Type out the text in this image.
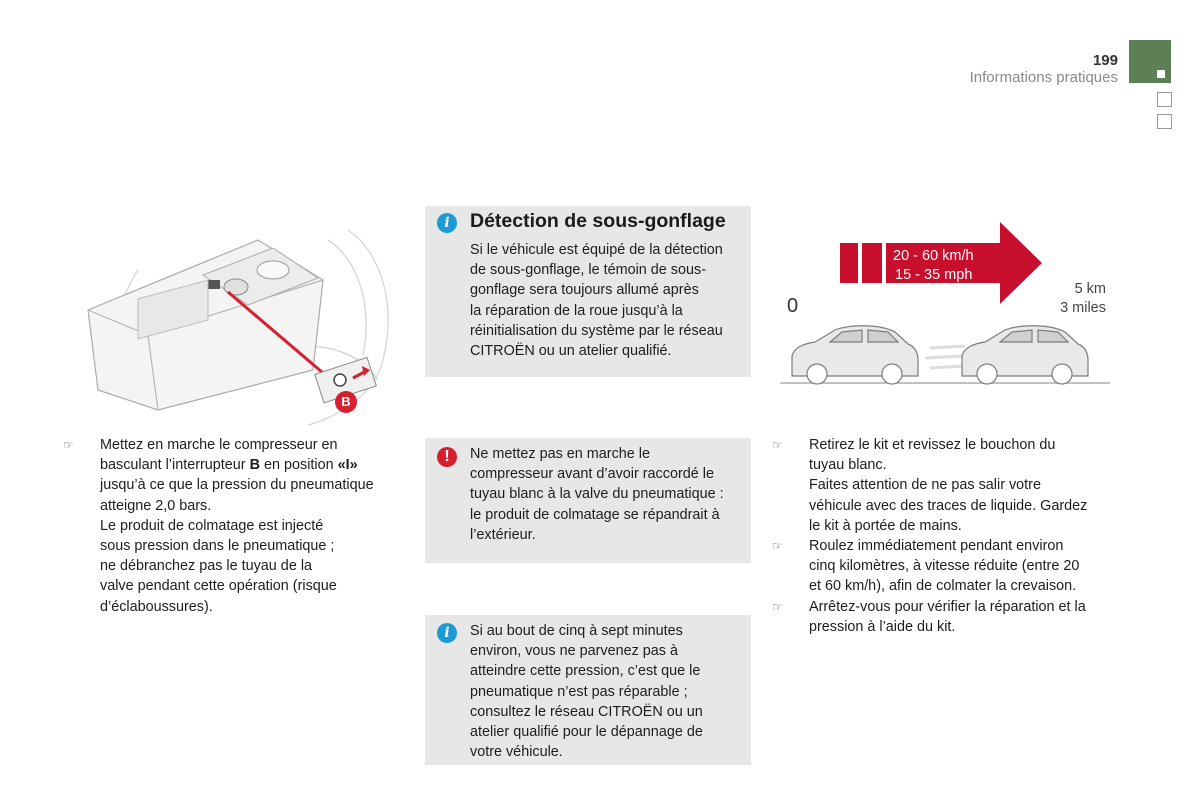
199
Informations pratiques
B
i	Détection de sous-gonflage
Si le véhicule est équipé de la détection
de sous-gonflage, le témoin de sous-
gonflage sera toujours allumé après
la réparation de la roue jusqu’à la
réinitialisation du système par le réseau
CITROËN ou un atelier qualifié.
20 - 60 km/h
15 - 35 mph
0
5 km
3 miles
☞ Mettez en marche le compresseur en
basculant l’interrupteur B en position «I»
jusqu’à ce que la pression du pneumatique
atteigne 2,0 bars.
Le produit de colmatage est injecté
sous pression dans le pneumatique ;
ne débranchez pas le tuyau de la
valve pendant cette opération (risque
d’éclaboussures).
!	Ne mettez pas en marche le
compresseur avant d’avoir raccordé le
tuyau blanc à la valve du pneumatique :
le produit de colmatage se répandrait à
l’extérieur.
i	Si au bout de cinq à sept minutes
environ, vous ne parvenez pas à
atteindre cette pression, c’est que le
pneumatique n’est pas réparable ;
consultez le réseau CITROËN ou un
atelier qualifié pour le dépannage de
votre véhicule.
☞ Retirez le kit et revissez le bouchon du
tuyau blanc.
Faites attention de ne pas salir votre
véhicule avec des traces de liquide. Gardez
le kit à portée de mains.
☞ Roulez immédiatement pendant environ
cinq kilomètres, à vitesse réduite (entre 20
et 60 km/h), afin de colmater la crevaison.
☞ Arrêtez-vous pour vérifier la réparation et la
pression à l’aide du kit.
